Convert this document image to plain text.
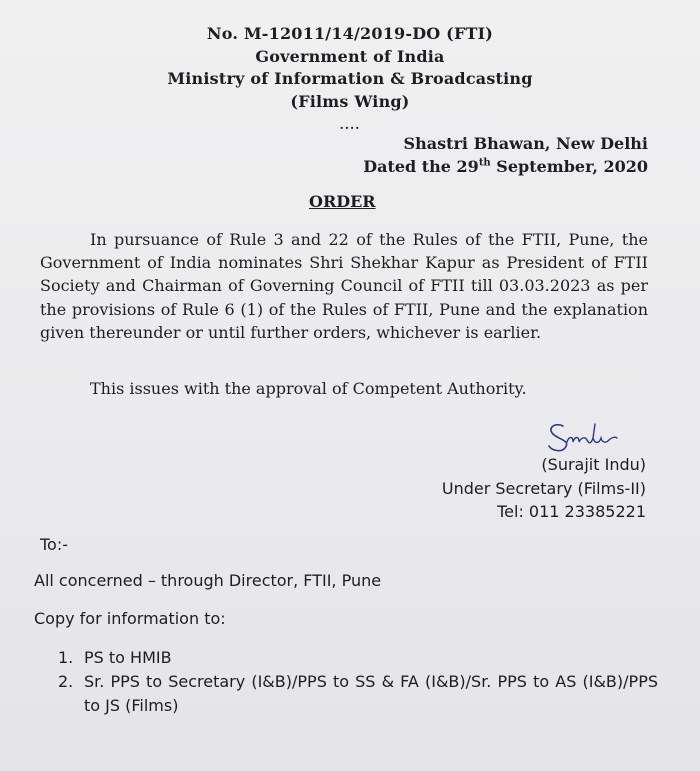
No. M-12011/14/2019-DO (FTI)
Government of India
Ministry of Information & Broadcasting
(Films Wing)
....
Shastri Bhawan, New Delhi
Dated the 29th September, 2020
ORDER

In pursuance of Rule 3 and 22 of the Rules of the FTII, Pune, the Government of India nominates Shri Shekhar Kapur as President of FTII Society and Chairman of Governing Council of FTII till 03.03.2023 as per the provisions of Rule 6 (1) of the Rules of FTII, Pune and the explanation given thereunder or until further orders, whichever is earlier.

This issues with the approval of Competent Authority.
(Surajit Indu)
Under Secretary (Films-II)
Tel: 011 23385221
To:-
All concerned – through Director, FTII, Pune
Copy for information to:
1. PS to HMIB
2. Sr. PPS to Secretary (I&B)/PPS to SS & FA (I&B)/Sr. PPS to AS (I&B)/PPS to JS (Films)
